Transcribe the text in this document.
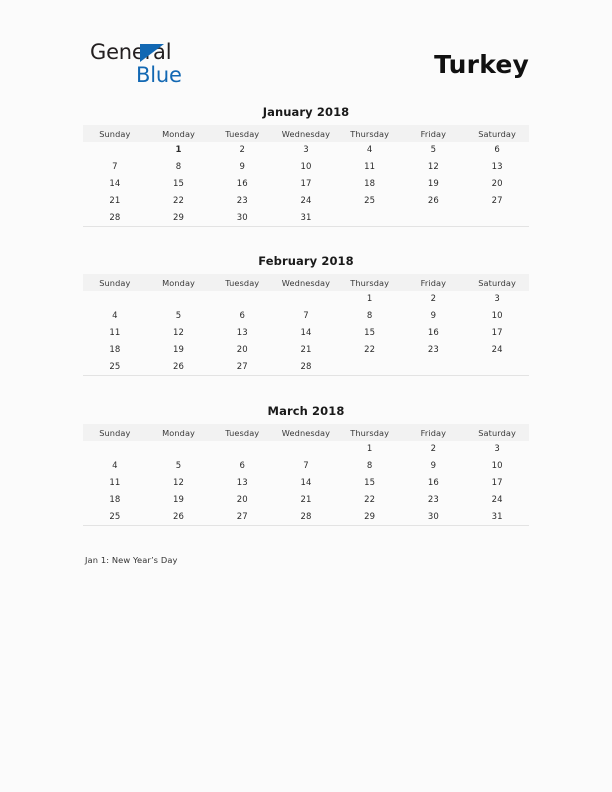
General
Blue	Turkey
January 2018
Sunday	Monday	Tuesday	Wednesday	Thursday	Friday	Saturday
	1	2	3	4	5	6
7	8	9	10	11	12	13
14	15	16	17	18	19	20
21	22	23	24	25	26	27
28	29	30	31			
February 2018
Sunday	Monday	Tuesday	Wednesday	Thursday	Friday	Saturday
				1	2	3
4	5	6	7	8	9	10
11	12	13	14	15	16	17
18	19	20	21	22	23	24
25	26	27	28			
March 2018
Sunday	Monday	Tuesday	Wednesday	Thursday	Friday	Saturday
				1	2	3
4	5	6	7	8	9	10
11	12	13	14	15	16	17
18	19	20	21	22	23	24
25	26	27	28	29	30	31
Jan 1: New Year’s Day
